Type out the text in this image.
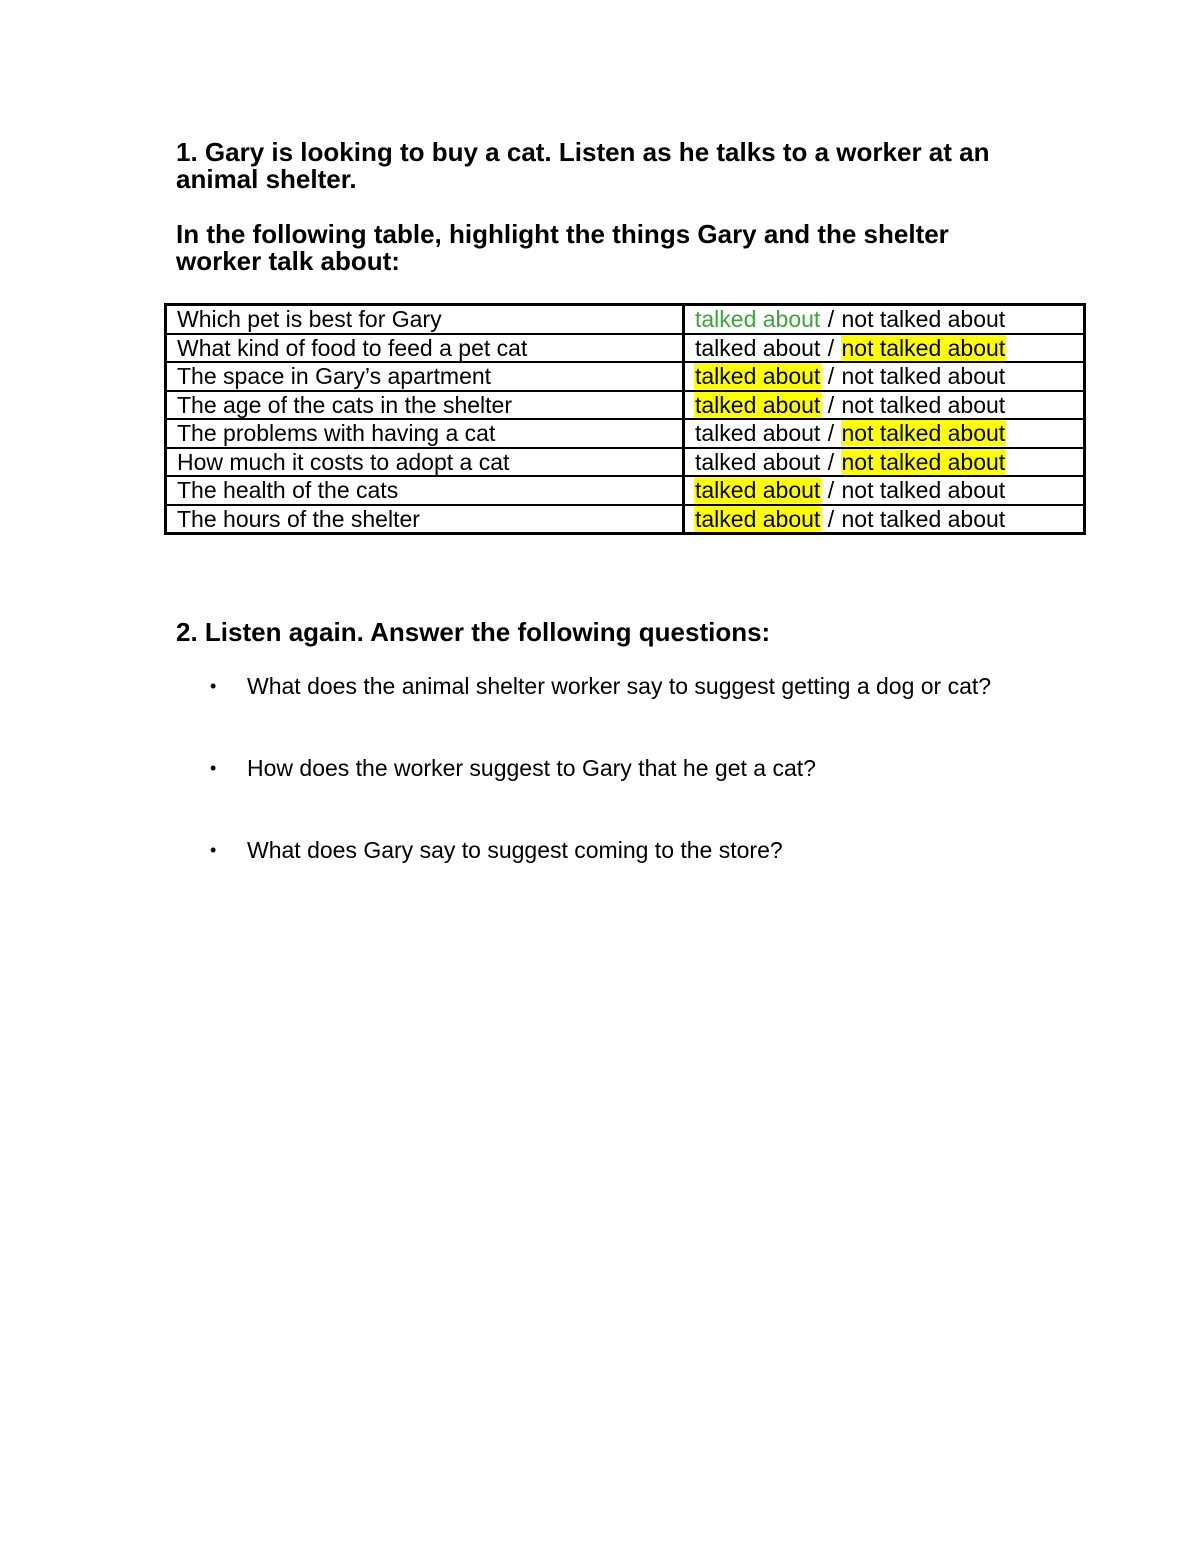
1. Gary is looking to buy a cat. Listen as he talks to a worker at an animal shelter.

In the following table, highlight the things Gary and the shelter worker talk about:

Which pet is best for Gary	talked about / not talked about
What kind of food to feed a pet cat	talked about / not talked about
The space in Gary’s apartment	talked about / not talked about
The age of the cats in the shelter	talked about / not talked about
The problems with having a cat	talked about / not talked about
How much it costs to adopt a cat	talked about / not talked about
The health of the cats	talked about / not talked about
The hours of the shelter	talked about / not talked about

2. Listen again. Answer the following questions:

• What does the animal shelter worker say to suggest getting a dog or cat?
• How does the worker suggest to Gary that he get a cat?
• What does Gary say to suggest coming to the store?
